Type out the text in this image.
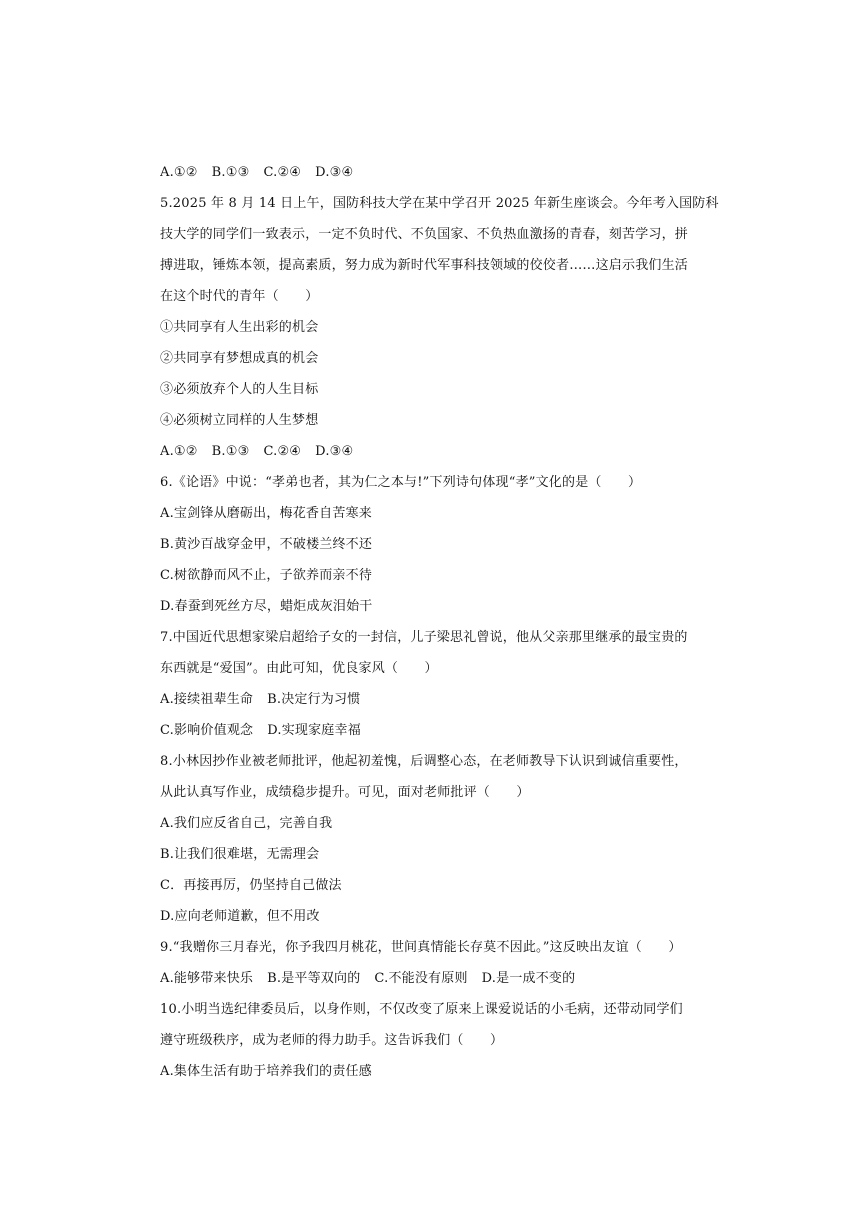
A.①② B.①③ C.②④ D.③④
5.2025 年 8 月 14 日上午，国防科技大学在某中学召开 2025 年新生座谈会。今年考入国防科
技大学的同学们一致表示，一定不负时代、不负国家、不负热血激扬的青春，刻苦学习，拼
搏进取，锤炼本领，提高素质，努力成为新时代军事科技领域的佼佼者……这启示我们生活
在这个时代的青年（　　）
①共同享有人生出彩的机会
②共同享有梦想成真的机会
③必须放弃个人的人生目标
④必须树立同样的人生梦想
A.①② B.①③ C.②④ D.③④
6.《论语》中说：“孝弟也者，其为仁之本与!”下列诗句体现“孝”文化的是（　　）
A.宝剑锋从磨砺出，梅花香自苦寒来
B.黄沙百战穿金甲，不破楼兰终不还
C.树欲静而风不止，子欲养而亲不待
D.春蚕到死丝方尽，蜡炬成灰泪始干
7.中国近代思想家梁启超给子女的一封信，儿子梁思礼曾说，他从父亲那里继承的最宝贵的
东西就是“爱国”。由此可知，优良家风（　　）
A.接续祖辈生命 B.决定行为习惯
C.影响价值观念 D.实现家庭幸福
8.小林因抄作业被老师批评，他起初羞愧，后调整心态，在老师教导下认识到诚信重要性，
从此认真写作业，成绩稳步提升。可见，面对老师批评（　　）
A.我们应反省自己，完善自我
B.让我们很难堪，无需理会
C．再接再厉，仍坚持自己做法
D.应向老师道歉，但不用改
9.“我赠你三月春光，你予我四月桃花，世间真情能长存莫不因此。”这反映出友谊（　　）
A.能够带来快乐 B.是平等双向的 C.不能没有原则 D.是一成不变的
10.小明当选纪律委员后，以身作则，不仅改变了原来上课爱说话的小毛病，还带动同学们
遵守班级秩序，成为老师的得力助手。这告诉我们（　　）
A.集体生活有助于培养我们的责任感
